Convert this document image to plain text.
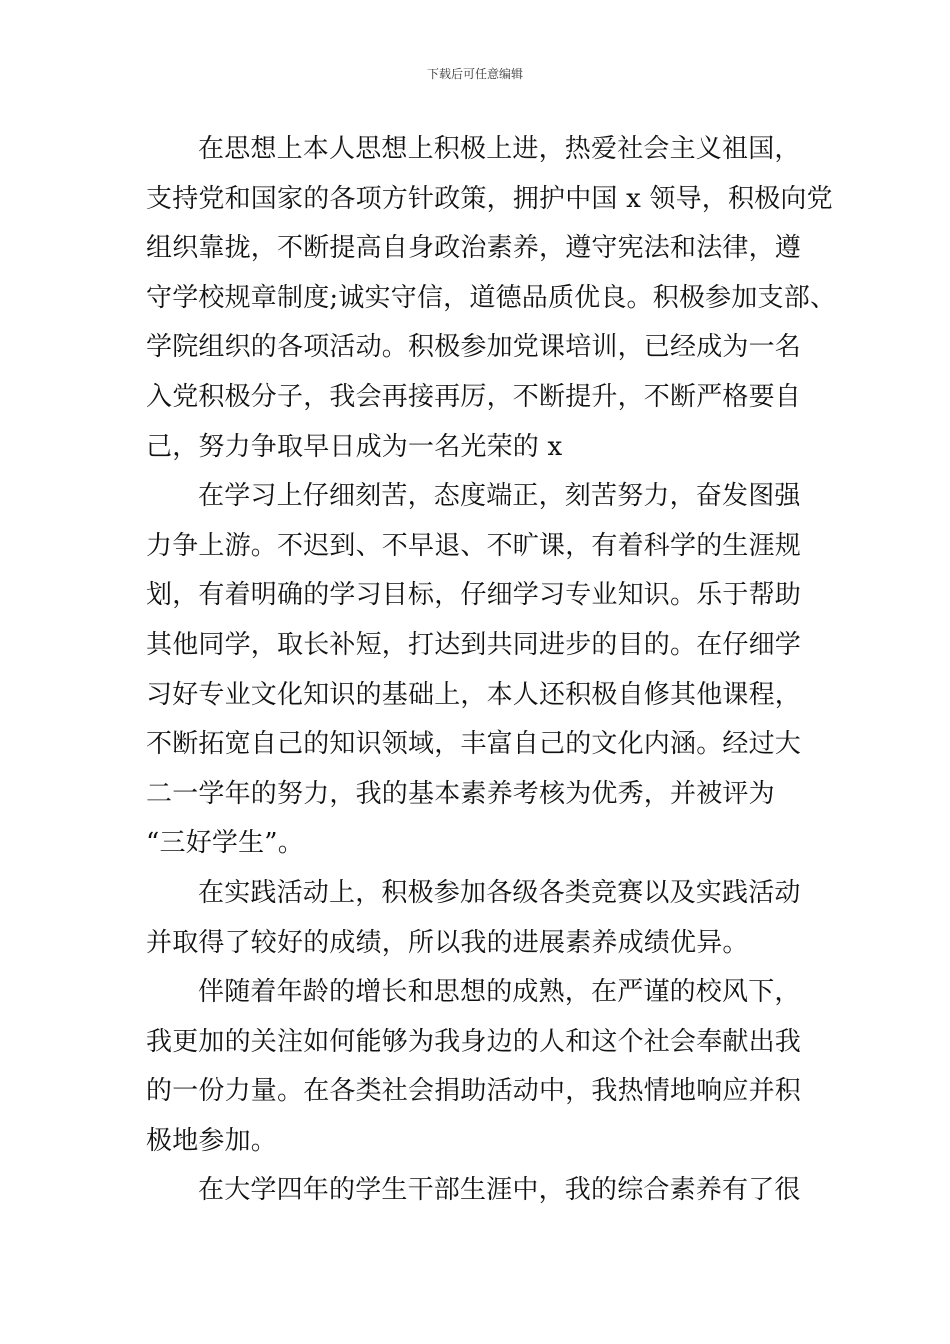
下载后可任意编辑
在思想上本人思想上积极上进，热爱社会主义祖国，
支持党和国家的各项方针政策，拥护中国 x 领导，积极向党
组织靠拢，不断提高自身政治素养，遵守宪法和法律，遵
守学校规章制度;诚实守信，道德品质优良。积极参加支部、
学院组织的各项活动。积极参加党课培训，已经成为一名
入党积极分子，我会再接再厉，不断提升，不断严格要自
己，努力争取早日成为一名光荣的 x
在学习上仔细刻苦，态度端正，刻苦努力，奋发图强
力争上游。不迟到、不早退、不旷课，有着科学的生涯规
划，有着明确的学习目标，仔细学习专业知识。乐于帮助
其他同学，取长补短，打达到共同进步的目的。在仔细学
习好专业文化知识的基础上，本人还积极自修其他课程，
不断拓宽自己的知识领域，丰富自己的文化内涵。经过大
二一学年的努力，我的基本素养考核为优秀，并被评为
“三好学生”。
在实践活动上，积极参加各级各类竞赛以及实践活动
并取得了较好的成绩，所以我的进展素养成绩优异。
伴随着年龄的增长和思想的成熟，在严谨的校风下，
我更加的关注如何能够为我身边的人和这个社会奉献出我
的一份力量。在各类社会捐助活动中，我热情地响应并积
极地参加。
在大学四年的学生干部生涯中，我的综合素养有了很
